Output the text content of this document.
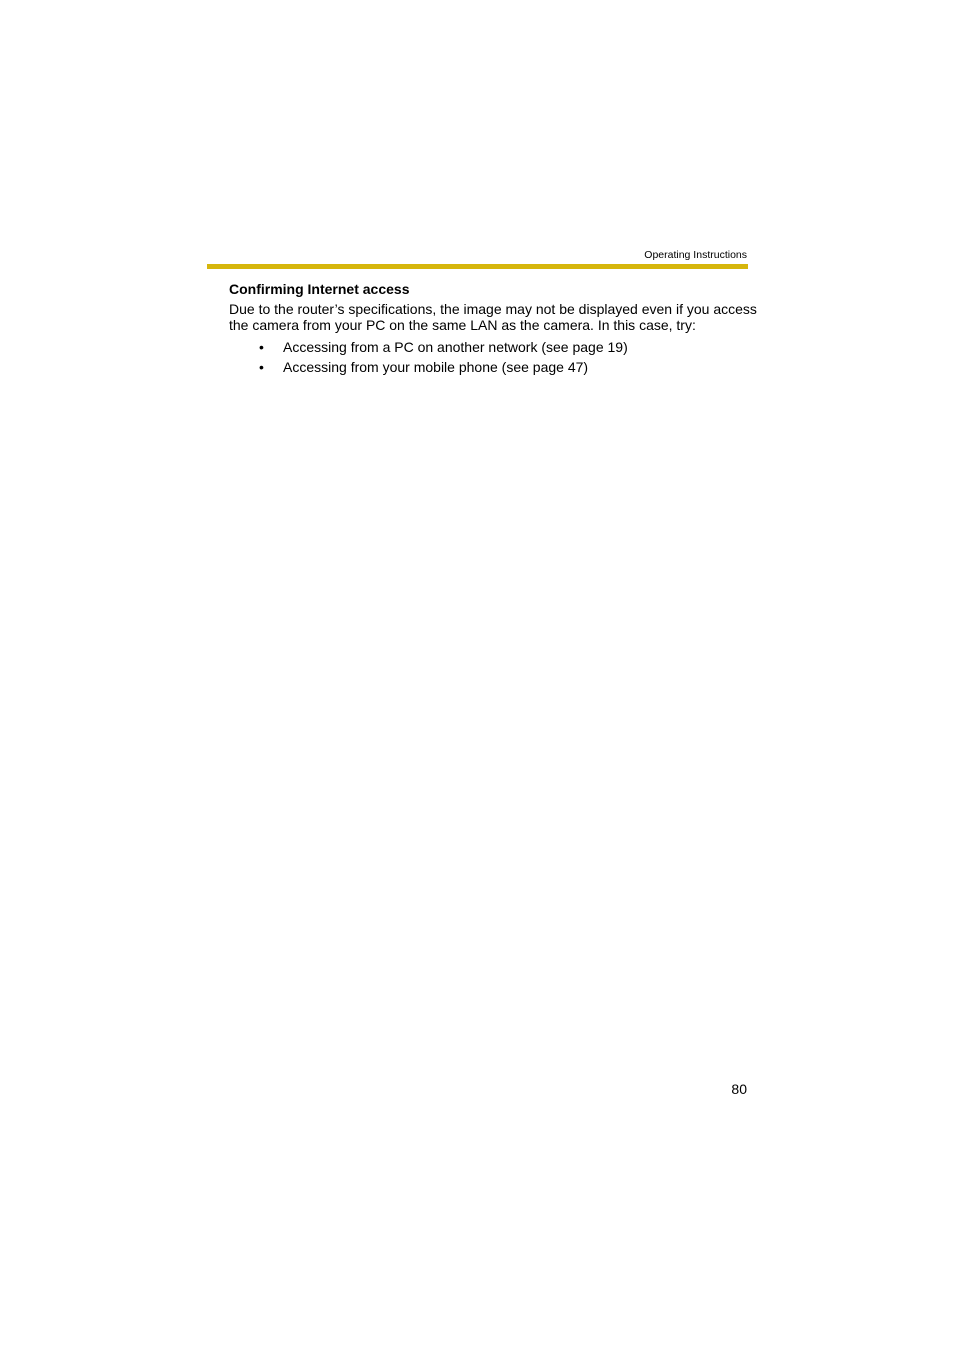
Operating Instructions
Confirming Internet access

Due to the router’s specifications, the image may not be displayed even if you access the camera from your PC on the same LAN as the camera. In this case, try:

• Accessing from a PC on another network (see page 19)
• Accessing from your mobile phone (see page 47)
80
